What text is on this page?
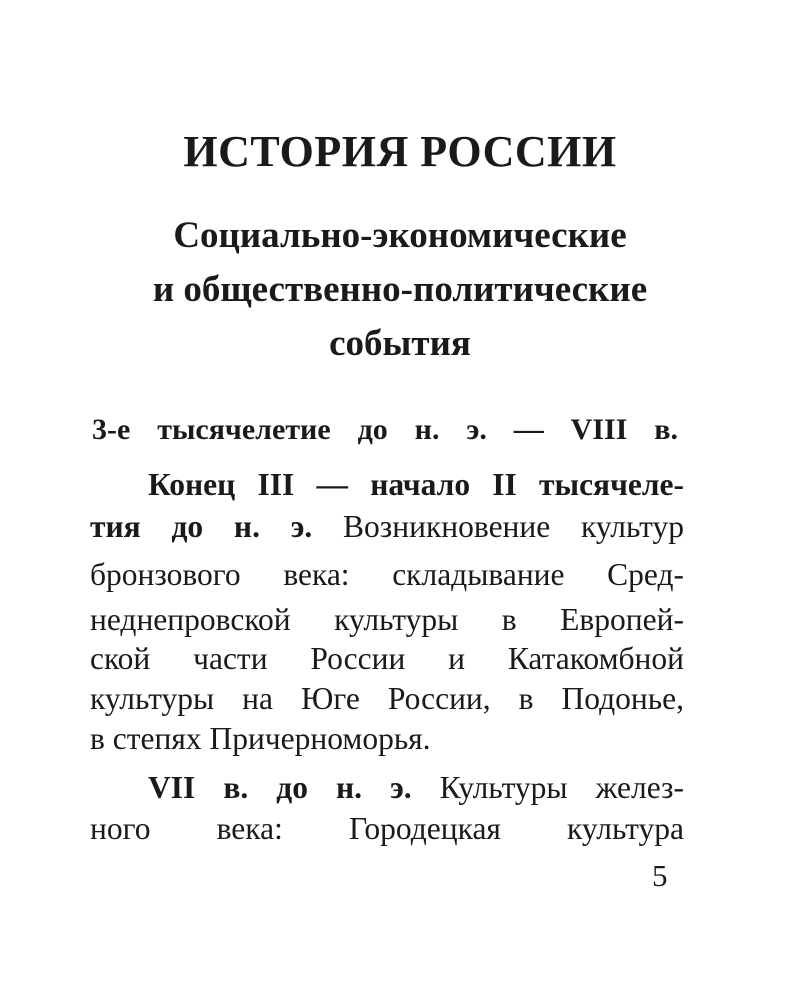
ИСТОРИЯ РОССИИ
Социально-экономические
и общественно-политические
события
3-е тысячелетие до н. э. — VIII в.
Конец III — начало II тысячеле-
тия до н. э. Возникновение культур
бронзового века: складывание Сред-
неднепровской культуры в Европей-
ской части России и Катакомбной
культуры на Юге России, в Подонье,
в степях Причерноморья.
VII в. до н. э. Культуры желез-
ного века: Городецкая культура
5
